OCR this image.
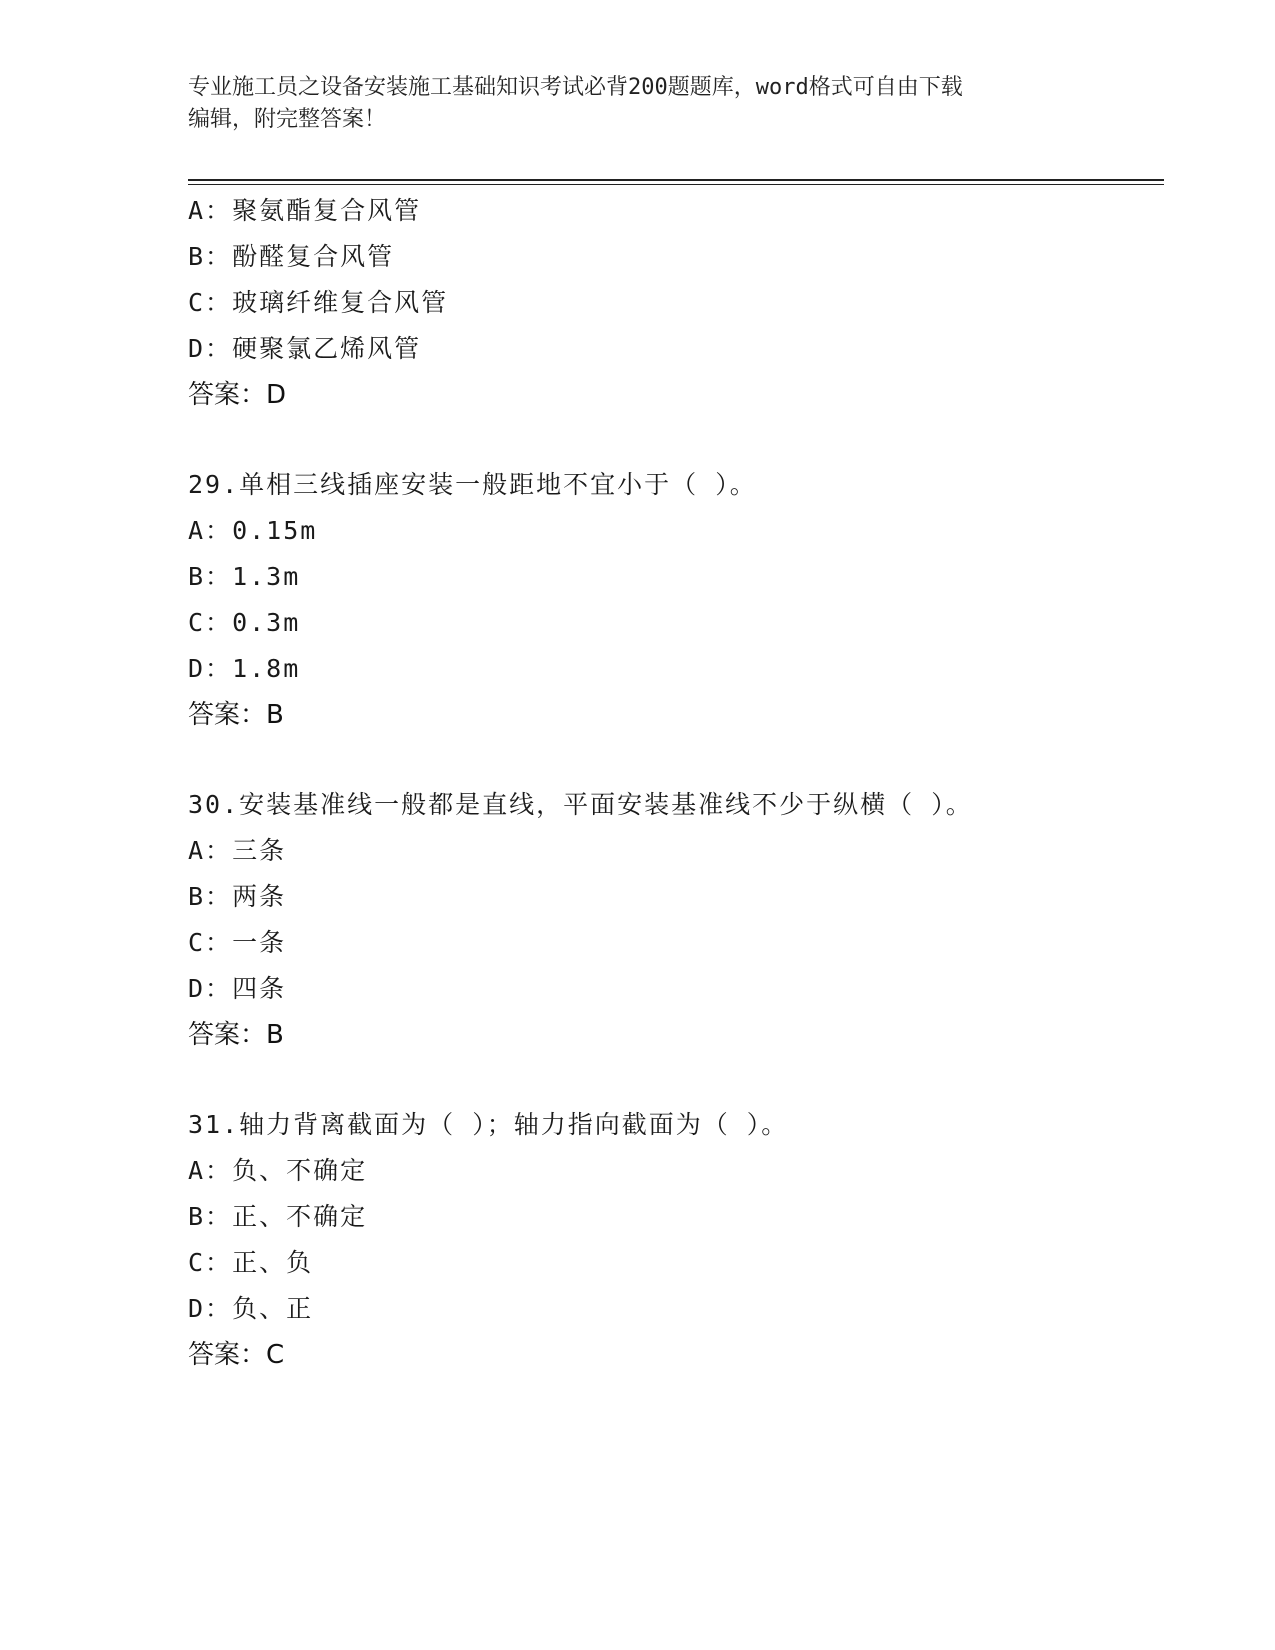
专业施工员之设备安装施工基础知识考试必背200题题库，word格式可自由下载
编辑，附完整答案！
A：聚氨酯复合风管
B：酚醛复合风管
C：玻璃纤维复合风管
D：硬聚氯乙烯风管
答案：D
29.单相三线插座安装一般距地不宜小于（ ）。
A：0.15m
B：1.3m
C：0.3m
D：1.8m
答案：B
30.安装基准线一般都是直线，平面安装基准线不少于纵横（ ）。
A：三条
B：两条
C：一条
D：四条
答案：B
31.轴力背离截面为（ ）；轴力指向截面为（ ）。
A：负、不确定
B：正、不确定
C：正、负
D：负、正
答案：C
